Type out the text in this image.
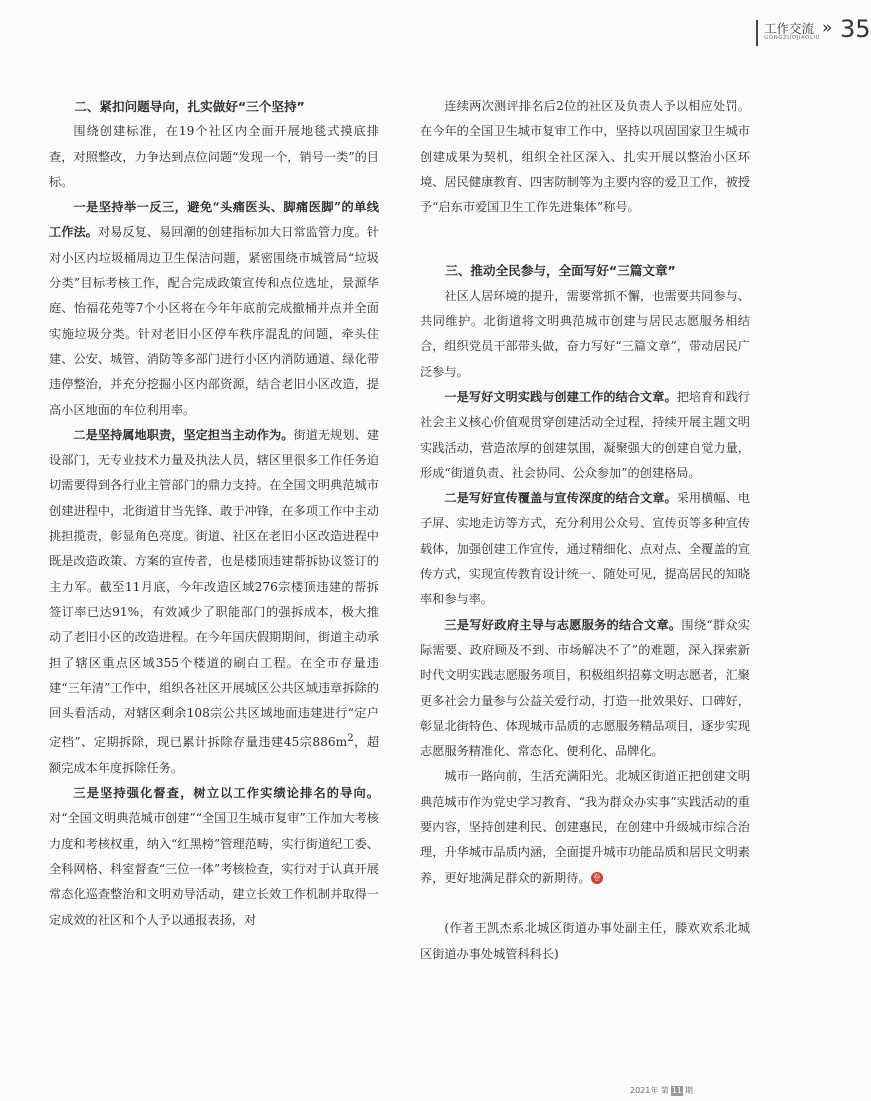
工作交流
GONGZUOJIAOLIU » 35
二、紧扣问题导向，扎实做好“三个坚持”

围绕创建标准，在19个社区内全面开展地毯式摸底排查，对照整改，力争达到点位问题“发现一个，销号一类”的目标。

一是坚持举一反三，避免“头痛医头、脚痛医脚”的单线工作法。对易反复、易回潮的创建指标加大日常监管力度。针对小区内垃圾桶周边卫生保洁问题，紧密围绕市城管局“垃圾分类”目标考核工作，配合完成政策宣传和点位选址，景源华庭、怡福花苑等7个小区将在今年年底前完成撤桶并点并全面实施垃圾分类。针对老旧小区停车秩序混乱的问题，牵头住建、公安、城管、消防等多部门进行小区内消防通道、绿化带违停整治，并充分挖掘小区内部资源，结合老旧小区改造，提高小区地面的车位利用率。

二是坚持属地职责，坚定担当主动作为。街道无规划、建设部门，无专业技术力量及执法人员，辖区里很多工作任务迫切需要得到各行业主管部门的鼎力支持。在全国文明典范城市创建进程中，北街道甘当先锋、敢于冲锋，在多项工作中主动挑担揽责，彰显角色亮度。街道、社区在老旧小区改造进程中既是改造政策、方案的宣传者，也是楼顶违建帮拆协议签订的主力军。截至11月底，今年改造区域276宗楼顶违建的帮拆签订率已达91%，有效减少了职能部门的强拆成本，极大推动了老旧小区的改造进程。在今年国庆假期期间，街道主动承担了辖区重点区域355个楼道的刷白工程。在全市存量违建“三年清”工作中，组织各社区开展城区公共区域违章拆除的回头看活动，对辖区剩余108宗公共区域地面违建进行“定户定档”、定期拆除，现已累计拆除存量违建45宗$886m^2$，超额完成本年度拆除任务。

三是坚持强化督查，树立以工作实绩论排名的导向。对“全国文明典范城市创建”“全国卫生城市复审”工作加大考核力度和考核权重，纳入“红黑榜”管理范畴，实行街道纪工委、全科网格、科室督查“三位一体”考核检查，实行对于认真开展常态化巡查整治和文明劝导活动，建立长效工作机制并取得一定成效的社区和个人予以通报表扬，对

连续两次测评排名后2位的社区及负责人予以相应处罚。在今年的全国卫生城市复审工作中，坚持以巩固国家卫生城市创建成果为契机，组织全社区深入、扎实开展以整治小区环境、居民健康教育、四害防制等为主要内容的爱卫工作，被授予“启东市爱国卫生工作先进集体”称号。

三、推动全民参与，全面写好“三篇文章”

社区人居环境的提升，需要常抓不懈，也需要共同参与、共同维护。北街道将文明典范城市创建与居民志愿服务相结合，组织党员干部带头做，奋力写好“三篇文章”，带动居民广泛参与。

一是写好文明实践与创建工作的结合文章。把培育和践行社会主义核心价值观贯穿创建活动全过程，持续开展主题文明实践活动，营造浓厚的创建氛围，凝聚强大的创建自觉力量，形成“街道负责、社会协同、公众参加”的创建格局。

二是写好宣传覆盖与宣传深度的结合文章。采用横幅、电子屏、实地走访等方式，充分利用公众号、宣传页等多种宣传载体，加强创建工作宣传，通过精细化、点对点、全覆盖的宣传方式，实现宣传教育设计统一、随处可见，提高居民的知晓率和参与率。

三是写好政府主导与志愿服务的结合文章。围绕“群众实际需要、政府顾及不到、市场解决不了”的难题，深入探索新时代文明实践志愿服务项目，积极组织招募文明志愿者，汇聚更多社会力量参与公益关爱行动，打造一批效果好、口碑好，彰显北街特色、体现城市品质的志愿服务精品项目，逐步实现志愿服务精准化、常态化、便利化、品牌化。

城市一路向前，生活充满阳光。北城区街道正把创建文明典范城市作为党史学习教育、“我为群众办实事”实践活动的重要内容，坚持创建利民、创建惠民，在创建中升级城市综合治理，升华城市品质内涵，全面提升城市功能品质和居民文明素养，更好地满足群众的新期待。 卷

(作者王凯杰系北城区街道办事处副主任，滕欢欢系北城区街道办事处城管科科长)

2021年 第 11 期
